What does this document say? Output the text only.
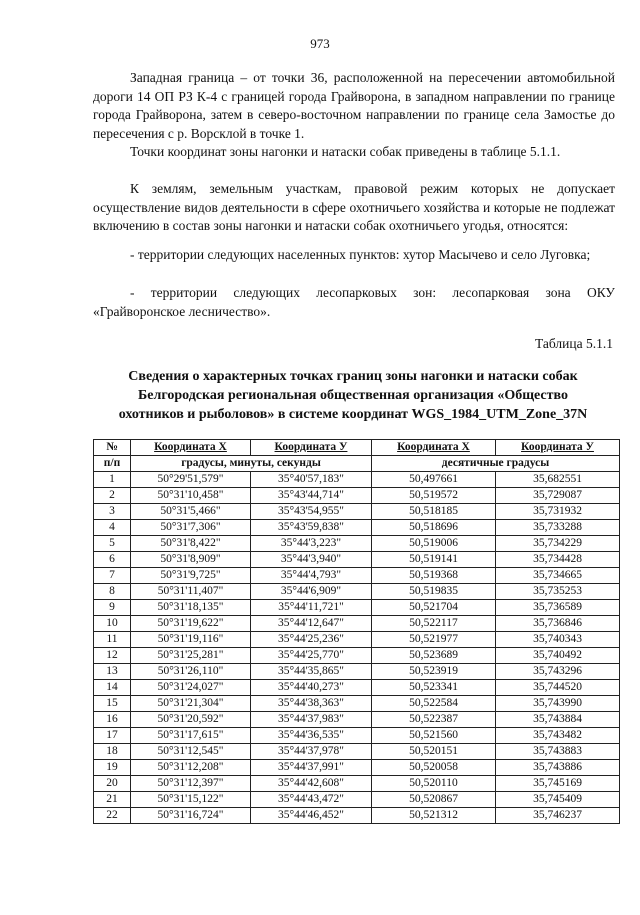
973

Западная граница – от точки 36, расположенной на пересечении автомобильной дороги 14 ОП РЗ К-4 с границей города Грайворона, в западном направлении по границе города Грайворона, затем в северо-восточном направлении по границе села Замостье до пересечения с р. Ворсклой в точке 1.

Точки координат зоны нагонки и натаски собак приведены в таблице 5.1.1.

К землям, земельным участкам, правовой режим которых не допускает осуществление видов деятельности в сфере охотничьего хозяйства и которые не подлежат включению в состав зоны нагонки и натаски собак охотничьего угодья, относятся:

- территории следующих населенных пунктов: хутор Масычево и село Луговка;

- территории следующих лесопарковых зон: лесопарковая зона ОКУ «Грайворонское лесничество».

Таблица 5.1.1
Сведения о характерных точках границ зоны нагонки и натаски собак
Белгородская региональная общественная организация «Общество
охотников и рыболовов» в системе координат WGS_1984_UTM_Zone_37N
№	Координата X	Координата У	Координата X	Координата У
п/п	градусы, минуты, секунды		десятичные градусы	
1	50°29'51,579"	35°40'57,183"	50,497661	35,682551
2	50°31'10,458"	35°43'44,714"	50,519572	35,729087
3	50°31'5,466"	35°43'54,955"	50,518185	35,731932
4	50°31'7,306"	35°43'59,838"	50,518696	35,733288
5	50°31'8,422"	35°44'3,223"	50,519006	35,734229
6	50°31'8,909"	35°44'3,940"	50,519141	35,734428
7	50°31'9,725"	35°44'4,793"	50,519368	35,734665
8	50°31'11,407"	35°44'6,909"	50,519835	35,735253
9	50°31'18,135"	35°44'11,721"	50,521704	35,736589
10	50°31'19,622"	35°44'12,647"	50,522117	35,736846
11	50°31'19,116"	35°44'25,236"	50,521977	35,740343
12	50°31'25,281"	35°44'25,770"	50,523689	35,740492
13	50°31'26,110"	35°44'35,865"	50,523919	35,743296
14	50°31'24,027"	35°44'40,273"	50,523341	35,744520
15	50°31'21,304"	35°44'38,363"	50,522584	35,743990
16	50°31'20,592"	35°44'37,983"	50,522387	35,743884
17	50°31'17,615"	35°44'36,535"	50,521560	35,743482
18	50°31'12,545"	35°44'37,978"	50,520151	35,743883
19	50°31'12,208"	35°44'37,991"	50,520058	35,743886
20	50°31'12,397"	35°44'42,608"	50,520110	35,745169
21	50°31'15,122"	35°44'43,472"	50,520867	35,745409
22	50°31'16,724"	35°44'46,452"	50,521312	35,746237
